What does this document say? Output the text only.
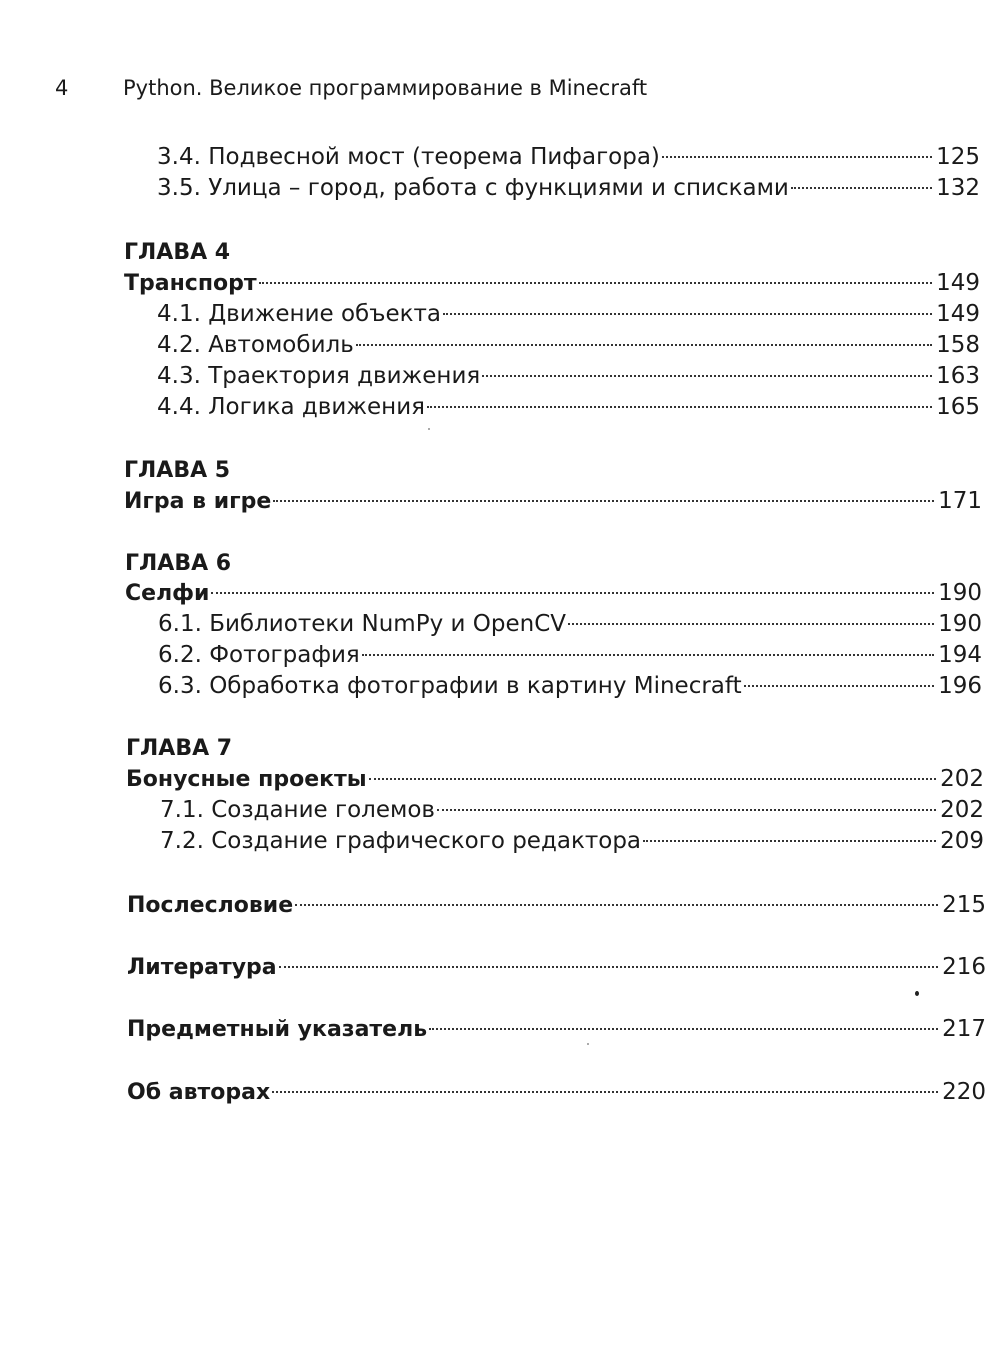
4	Python. Великое программирование в Minecraft
3.4. Подвесной мост (теорема Пифагора)	125
3.5. Улица – город, работа с функциями и списками	132
ГЛАВА 4
Транспорт	149
4.1. Движение объекта	149
4.2. Автомобиль	158
4.3. Траектория движения	163
4.4. Логика движения	165
ГЛАВА 5
Игра в игре	171
ГЛАВА 6
Селфи	190
6.1. Библиотеки NumPy и OpenCV	190
6.2. Фотография	194
6.3. Обработка фотографии в картину Minecraft	196
ГЛАВА 7
Бонусные проекты	202
7.1. Создание големов	202
7.2. Создание графического редактора	209
Послесловие	215
Литература	216
Предметный указатель	217
Об авторах	220
